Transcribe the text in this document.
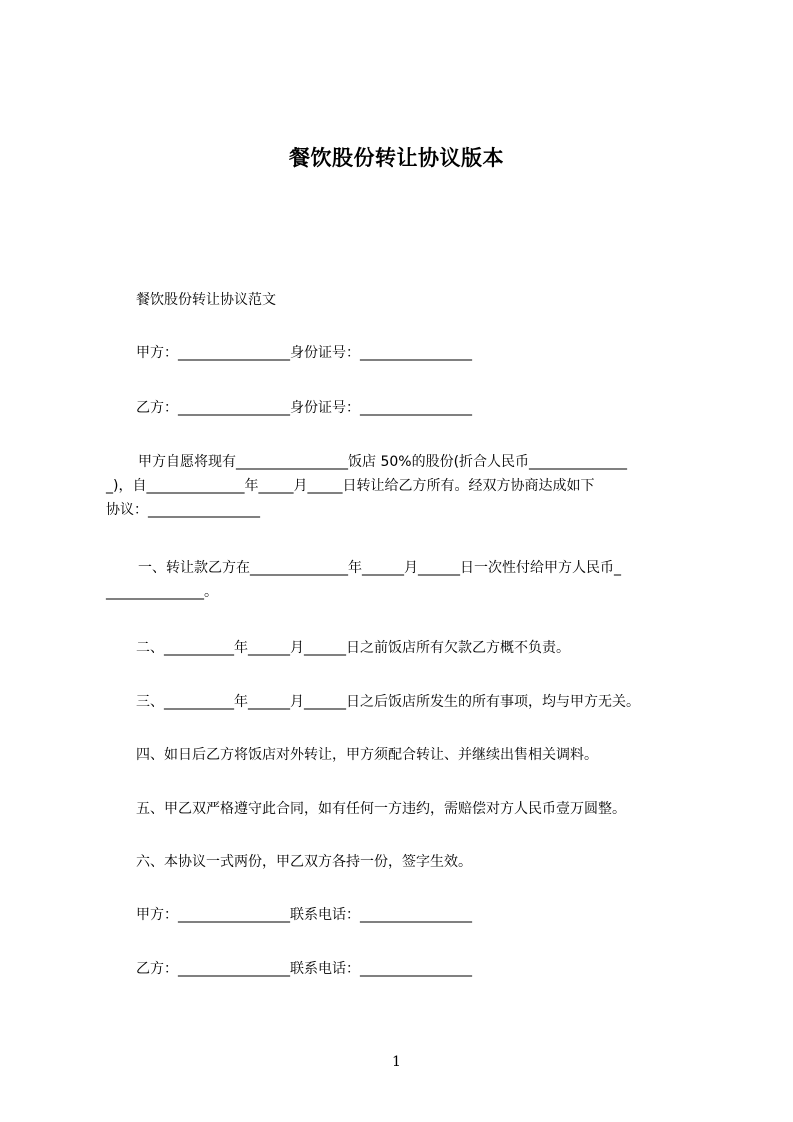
餐饮股份转让协议版本
餐饮股份转让协议范文
甲方：________________身份证号：________________
乙方：________________身份证号：________________
甲方自愿将现有________________饭店 50%的股份(折合人民币______________
_)，自______________年_____月_____日转让给乙方所有。经双方协商达成如下
协议：________________
一、转让款乙方在______________年______月______日一次性付给甲方人民币_
______________。
二、__________年______月______日之前饭店所有欠款乙方概不负责。
三、__________年______月______日之后饭店所发生的所有事项，均与甲方无关。
四、如日后乙方将饭店对外转让，甲方须配合转让、并继续出售相关调料。
五、甲乙双严格遵守此合同，如有任何一方违约，需赔偿对方人民币壹万圆整。
六、本协议一式两份，甲乙双方各持一份，签字生效。
甲方：________________联系电话：________________
乙方：________________联系电话：________________
1
